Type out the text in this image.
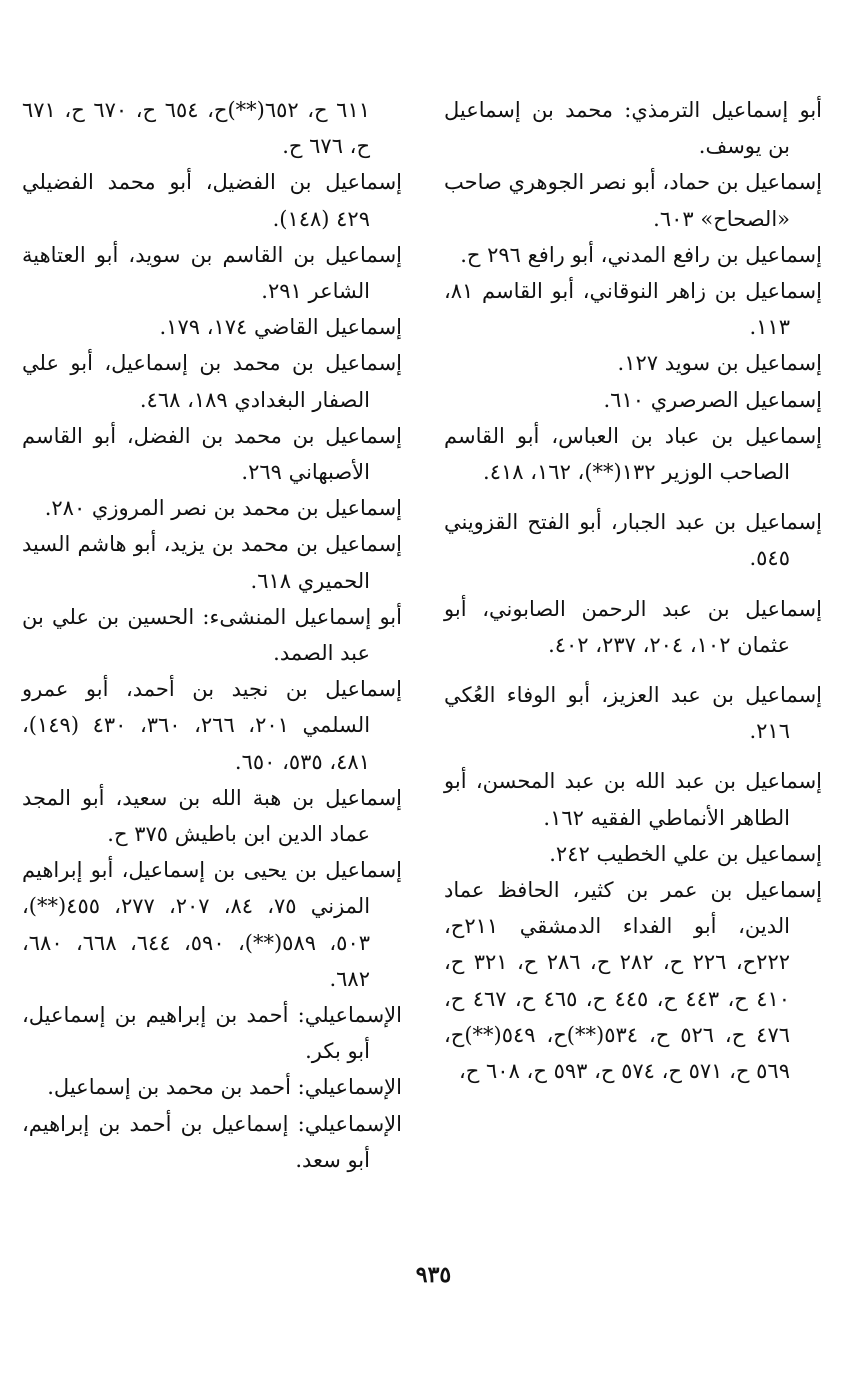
أبو إسماعيل الترمذي: محمد بن إسماعيل بن يوسف.

إسماعيل بن حماد، أبو نصر الجوهري صاحب «الصحاح» ٦٠٣.

إسماعيل بن رافع المدني، أبو رافع ٢٩٦ ح.

إسماعيل بن زاهر النوقاني، أبو القاسم ٨١، ١١٣.

إسماعيل بن سويد ١٢٧.

إسماعيل الصرصري ٦١٠.

إسماعيل بن عباد بن العباس، أبو القاسم الصاحب الوزير ١٣٢(**)، ١٦٢، ٤١٨.

إسماعيل بن عبد الجبار، أبو الفتح القزويني ٥٤٥.

إسماعيل بن عبد الرحمن الصابوني، أبو عثمان ١٠٢، ٢٠٤، ٢٣٧، ٤٠٢.

إسماعيل بن عبد العزيز، أبو الوفاء العُكي ٢١٦.

إسماعيل بن عبد الله بن عبد المحسن، أبو الطاهر الأنماطي الفقيه ١٦٢.

إسماعيل بن علي الخطيب ٢٤٢.

إسماعيل بن عمر بن كثير، الحافظ عماد الدين، أبو الفداء الدمشقي ٢١١ح، ٢٢٢ح، ٢٢٦ ح، ٢٨٢ ح، ٢٨٦ ح، ٣٢١ ح، ٤١٠ ح، ٤٤٣ ح، ٤٤٥ ح، ٤٦٥ ح، ٤٦٧ ح، ٤٧٦ ح، ٥٢٦ ح، ٥٣٤(**)ح، ٥٤٩(**)ح، ٥٦٩ ح، ٥٧١ ح، ٥٧٤ ح، ٥٩٣ ح، ٦٠٨ ح،

٦١١ ح، ٦٥٢(**)ح، ٦٥٤ ح، ٦٧٠ ح، ٦٧١ ح، ٦٧٦ ح.

إسماعيل بن الفضيل، أبو محمد الفضيلي ٤٢٩ (١٤٨).

إسماعيل بن القاسم بن سويد، أبو العتاهية الشاعر ٢٩١.

إسماعيل القاضي ١٧٤، ١٧٩.

إسماعيل بن محمد بن إسماعيل، أبو علي الصفار البغدادي ١٨٩، ٤٦٨.

إسماعيل بن محمد بن الفضل، أبو القاسم الأصبهاني ٢٦٩.

إسماعيل بن محمد بن نصر المروزي ٢٨٠.

إسماعيل بن محمد بن يزيد، أبو هاشم السيد الحميري ٦١٨.

أبو إسماعيل المنشىء: الحسين بن علي بن عبد الصمد.

إسماعيل بن نجيد بن أحمد، أبو عمرو السلمي ٢٠١، ٢٦٦، ٣٦٠، ٤٣٠ (١٤٩)، ٤٨١، ٥٣٥، ٦٥٠.

إسماعيل بن هبة الله بن سعيد، أبو المجد عماد الدين ابن باطيش ٣٧٥ ح.

إسماعيل بن يحيى بن إسماعيل، أبو إبراهيم المزني ٧٥، ٨٤، ٢٠٧، ٢٧٧، ٤٥٥(**)، ٥٠٣، ٥٨٩(**)، ٥٩٠، ٦٤٤، ٦٦٨، ٦٨٠، ٦٨٢.

الإسماعيلي: أحمد بن إبراهيم بن إسماعيل، أبو بكر.

الإسماعيلي: أحمد بن محمد بن إسماعيل.

الإسماعيلي: إسماعيل بن أحمد بن إبراهيم، أبو سعد.

٩٣٥
